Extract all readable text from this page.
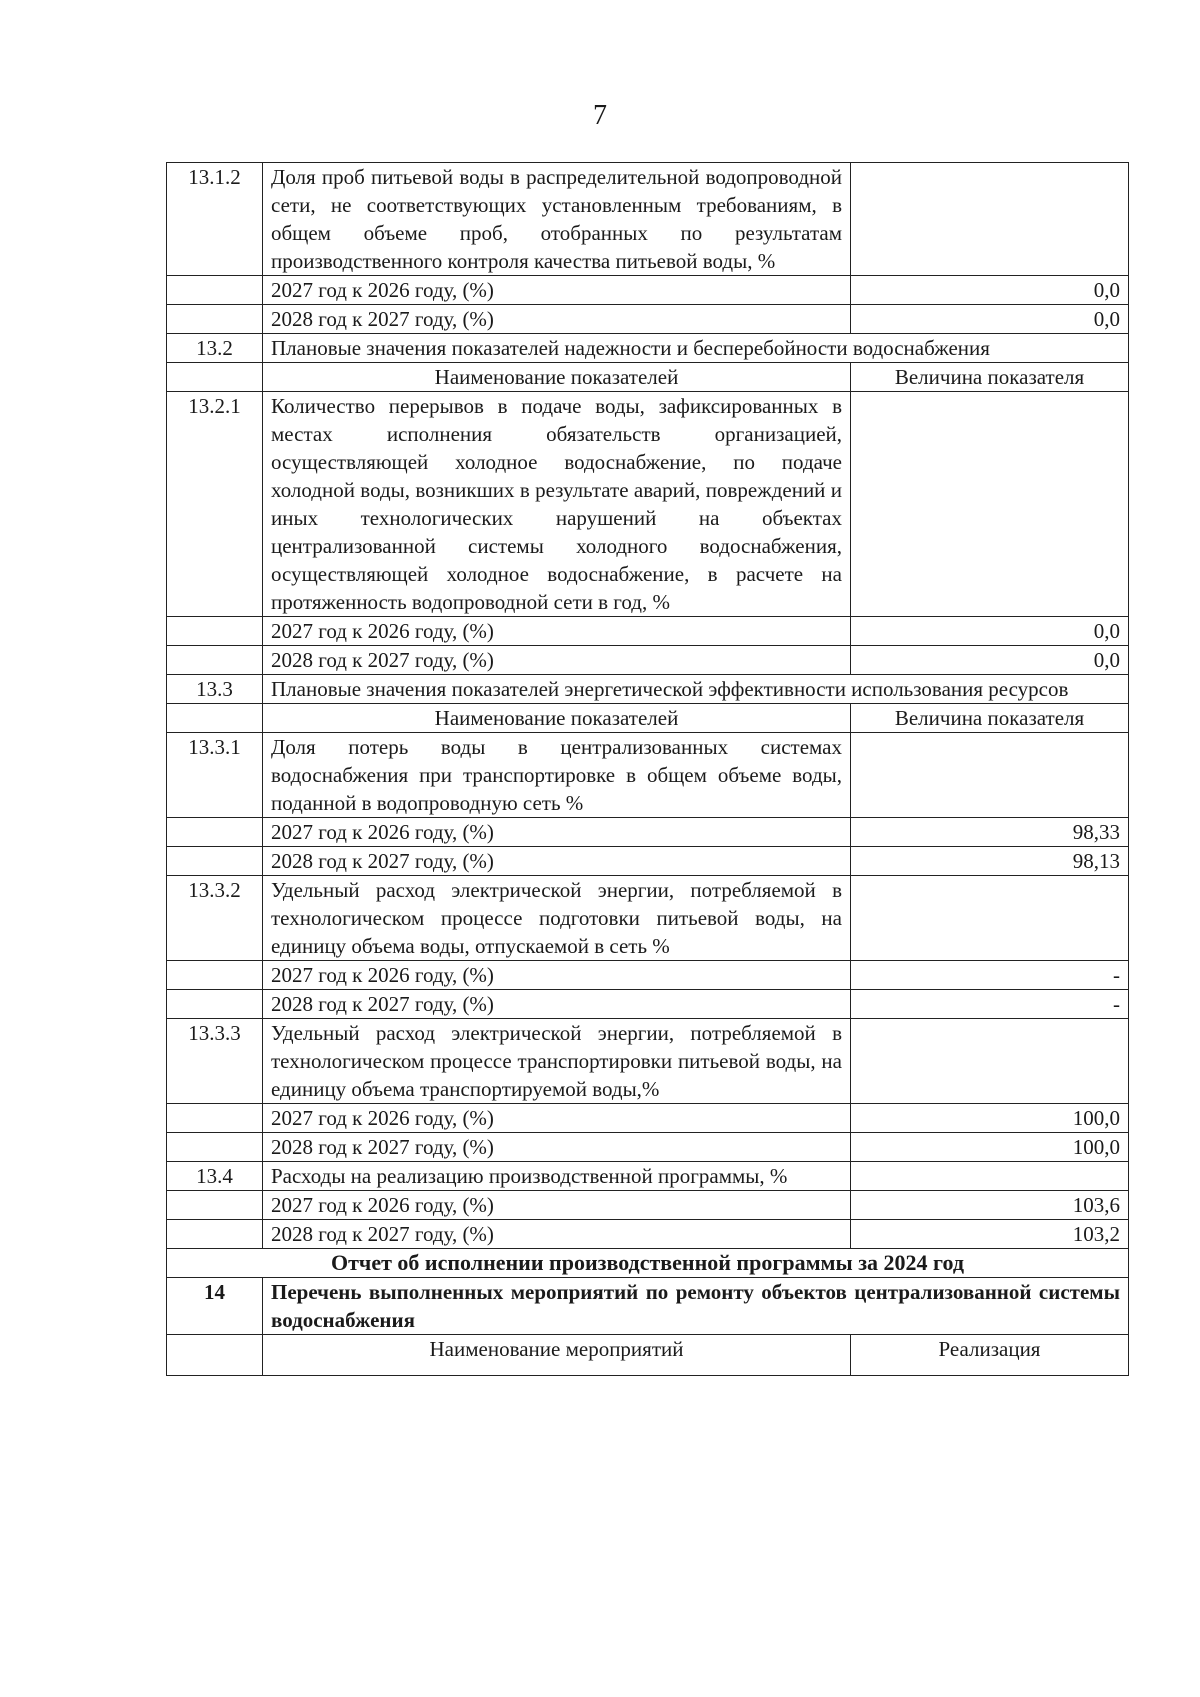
7
13.1.2	Доля проб питьевой воды в распределительной водопроводной сети, не соответствующих установленным требованиям, в общем объеме проб, отобранных по результатам производственного контроля качества питьевой воды, %	
	2027 год к 2026 году, (%)	0,0
	2028 год к 2027 году, (%)	0,0
13.2	Плановые значения показателей надежности и бесперебойности водоснабжения	
	Наименование показателей	Величина показателя
13.2.1	Количество перерывов в подаче воды, зафиксированных в местах исполнения обязательств организацией, осуществляющей холодное водоснабжение, по подаче холодной воды, возникших в результате аварий, повреждений и иных технологических нарушений на объектах централизованной системы холодного водоснабжения, осуществляющей холодное водоснабжение, в расчете на протяженность водопроводной сети в год, %	
	2027 год к 2026 году, (%)	0,0
	2028 год к 2027 году, (%)	0,0
13.3	Плановые значения показателей энергетической эффективности использования ресурсов	
	Наименование показателей	Величина показателя
13.3.1	Доля потерь воды в централизованных системах водоснабжения при транспортировке в общем объеме воды, поданной в водопроводную сеть %	
	2027 год к 2026 году, (%)	98,33
	2028 год к 2027 году, (%)	98,13
13.3.2	Удельный расход электрической энергии, потребляемой в технологическом процессе подготовки питьевой воды, на единицу объема воды, отпускаемой в сеть %	
	2027 год к 2026 году, (%)	-
	2028 год к 2027 году, (%)	-
13.3.3	Удельный расход электрической энергии, потребляемой в технологическом процессе транспортировки питьевой воды, на единицу объема транспортируемой воды,%	
	2027 год к 2026 году, (%)	100,0
	2028 год к 2027 году, (%)	100,0
13.4	Расходы на реализацию производственной программы, %	
	2027 год к 2026 году, (%)	103,6
	2028 год к 2027 году, (%)	103,2
Отчет об исполнении производственной программы за 2024 год		
14	Перечень выполненных мероприятий по ремонту объектов централизованной системы водоснабжения	
	Наименование мероприятий	Реализация
